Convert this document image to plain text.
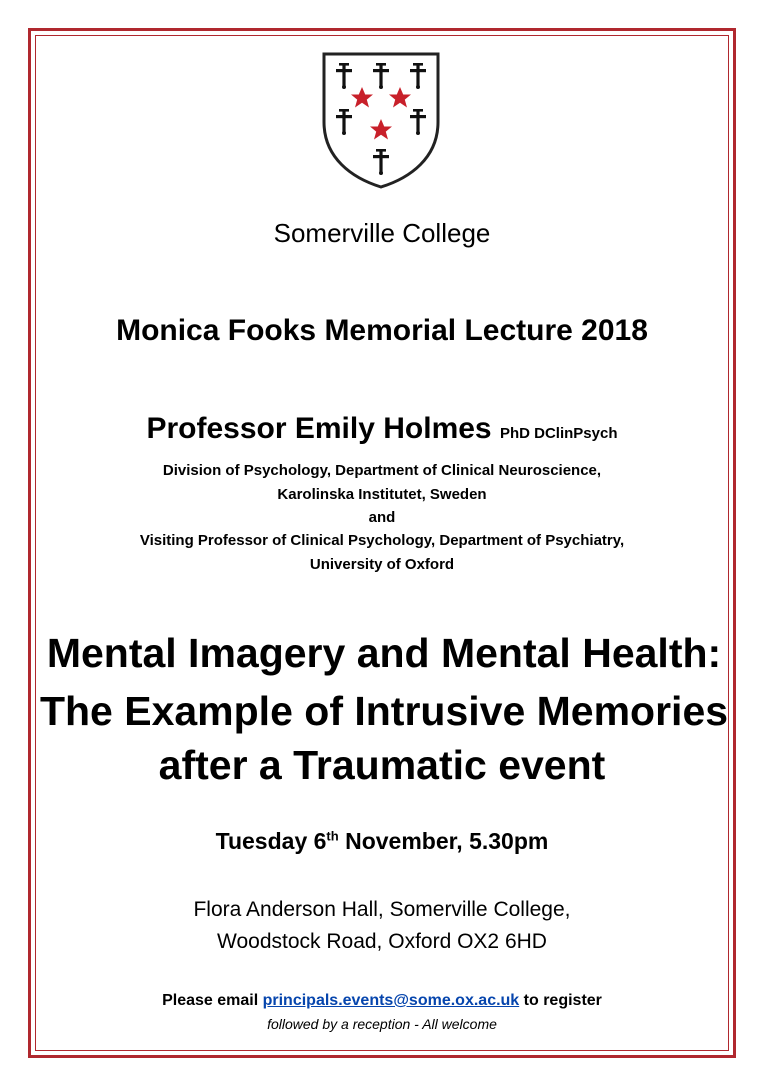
Somerville College
Monica Fooks Memorial Lecture 2018
Professor Emily Holmes PhD DClinPsych
Division of Psychology, Department of Clinical Neuroscience,
Karolinska Institutet, Sweden
and
Visiting Professor of Clinical Psychology, Department of Psychiatry,
University of Oxford
Mental Imagery and Mental Health:
The Example of Intrusive Memories
after a Traumatic event
Tuesday 6th November, 5.30pm
Flora Anderson Hall, Somerville College,
Woodstock Road, Oxford OX2 6HD
Please email principals.events@some.ox.ac.uk to register
followed by a reception - All welcome
